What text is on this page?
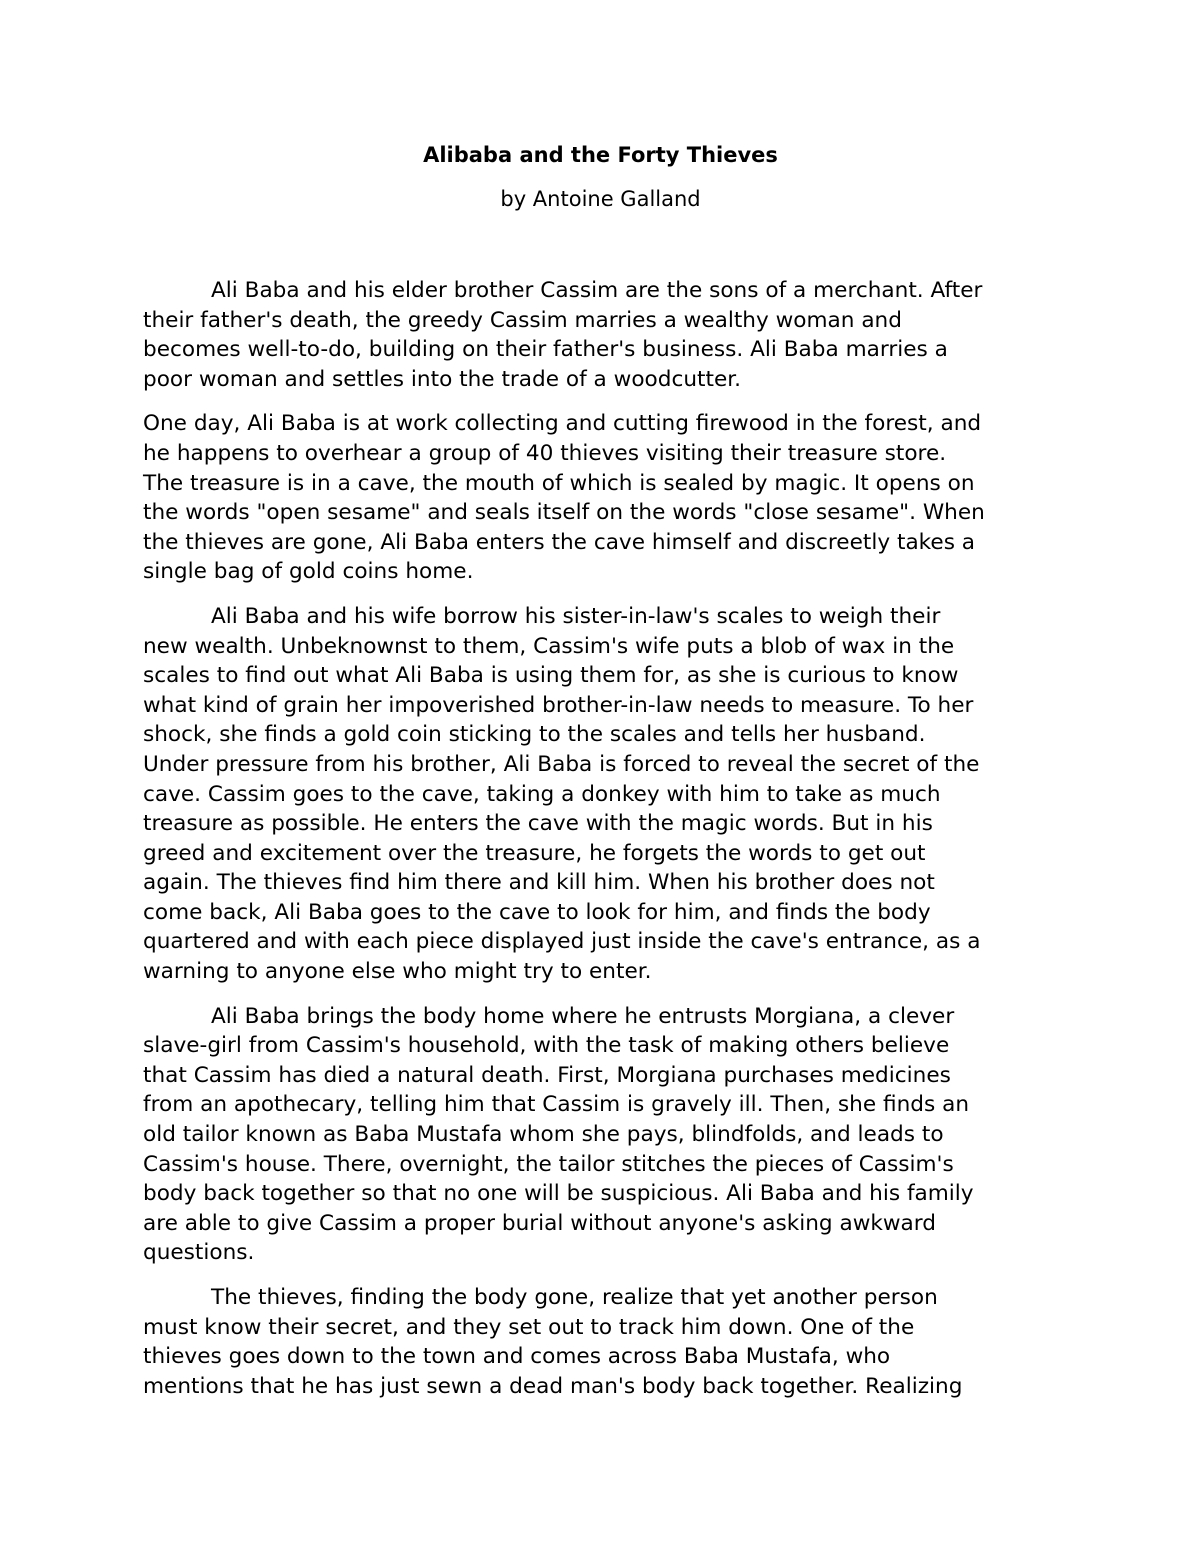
Alibaba and the Forty Thieves

by Antoine Galland

Ali Baba and his elder brother Cassim are the sons of a merchant. After
their father's death, the greedy Cassim marries a wealthy woman and
becomes well-to-do, building on their father's business. Ali Baba marries a
poor woman and settles into the trade of a woodcutter.

One day, Ali Baba is at work collecting and cutting firewood in the forest, and
he happens to overhear a group of 40 thieves visiting their treasure store.
The treasure is in a cave, the mouth of which is sealed by magic. It opens on
the words "open sesame" and seals itself on the words "close sesame". When
the thieves are gone, Ali Baba enters the cave himself and discreetly takes a
single bag of gold coins home.

Ali Baba and his wife borrow his sister-in-law's scales to weigh their
new wealth. Unbeknownst to them, Cassim's wife puts a blob of wax in the
scales to find out what Ali Baba is using them for, as she is curious to know
what kind of grain her impoverished brother-in-law needs to measure. To her
shock, she finds a gold coin sticking to the scales and tells her husband.
Under pressure from his brother, Ali Baba is forced to reveal the secret of the
cave. Cassim goes to the cave, taking a donkey with him to take as much
treasure as possible. He enters the cave with the magic words. But in his
greed and excitement over the treasure, he forgets the words to get out
again. The thieves find him there and kill him. When his brother does not
come back, Ali Baba goes to the cave to look for him, and finds the body
quartered and with each piece displayed just inside the cave's entrance, as a
warning to anyone else who might try to enter.

Ali Baba brings the body home where he entrusts Morgiana, a clever
slave-girl from Cassim's household, with the task of making others believe
that Cassim has died a natural death. First, Morgiana purchases medicines
from an apothecary, telling him that Cassim is gravely ill. Then, she finds an
old tailor known as Baba Mustafa whom she pays, blindfolds, and leads to
Cassim's house. There, overnight, the tailor stitches the pieces of Cassim's
body back together so that no one will be suspicious. Ali Baba and his family
are able to give Cassim a proper burial without anyone's asking awkward
questions.

The thieves, finding the body gone, realize that yet another person
must know their secret, and they set out to track him down. One of the
thieves goes down to the town and comes across Baba Mustafa, who
mentions that he has just sewn a dead man's body back together. Realizing
